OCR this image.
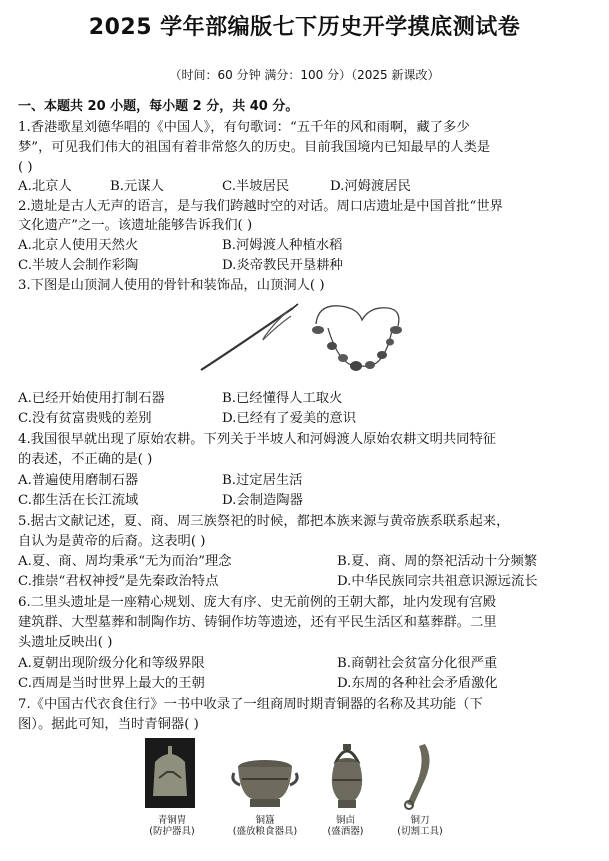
2025 学年部编版七下历史开学摸底测试卷
（时间：60 分钟 满分：100 分）（2025 新课改）
一、本题共 20 小题，每小题 2 分，共 40 分。
1.香港歌星刘德华唱的《中国人》，有句歌词：“五千年的风和雨啊，藏了多少
梦”，可见我们伟大的祖国有着非常悠久的历史。目前我国境内已知最早的人类是
( )
A.北京人	B.元谋人	C.半坡居民	D.河姆渡居民
2.遗址是古人无声的语言，是与我们跨越时空的对话。周口店遗址是中国首批“世界
文化遗产”之一。该遗址能够告诉我们( )
A.北京人使用天然火	B.河姆渡人种植水稻
C.半坡人会制作彩陶	D.炎帝教民开垦耕种
3.下图是山顶洞人使用的骨针和装饰品，山顶洞人( )
A.已经开始使用打制石器	B.已经懂得人工取火
C.没有贫富贵贱的差别	D.已经有了爱美的意识
4.我国很早就出现了原始农耕。下列关于半坡人和河姆渡人原始农耕文明共同特征
的表述，不正确的是( )
A.普遍使用磨制石器	B.过定居生活
C.都生活在长江流域	D.会制造陶器
5.据古文献记述，夏、商、周三族祭祀的时候，都把本族来源与黄帝族系联系起来，
自认为是黄帝的后裔。这表明( )
A.夏、商、周均秉承“无为而治”理念	B.夏、商、周的祭祀活动十分频繁
C.推崇“君权神授”是先秦政治特点	D.中华民族同宗共祖意识源远流长
6.二里头遗址是一座精心规划、庞大有序、史无前例的王朝大都，址内发现有宫殿
建筑群、大型墓葬和制陶作坊、铸铜作坊等遗迹，还有平民生活区和墓葬群。二里
头遗址反映出( )
A.夏朝出现阶级分化和等级界限	B.商朝社会贫富分化很严重
C.西周是当时世界上最大的王朝	D.东周的各种社会矛盾激化
7.《中国古代衣食住行》一书中收录了一组商周时期青铜器的名称及其功能（下
图）。据此可知，当时青铜器( )
青铜胄
(防护器具)
铜簋
(盛放粮食器具)
铜卣
(盛酒器)
铜刀
(切割工具)
